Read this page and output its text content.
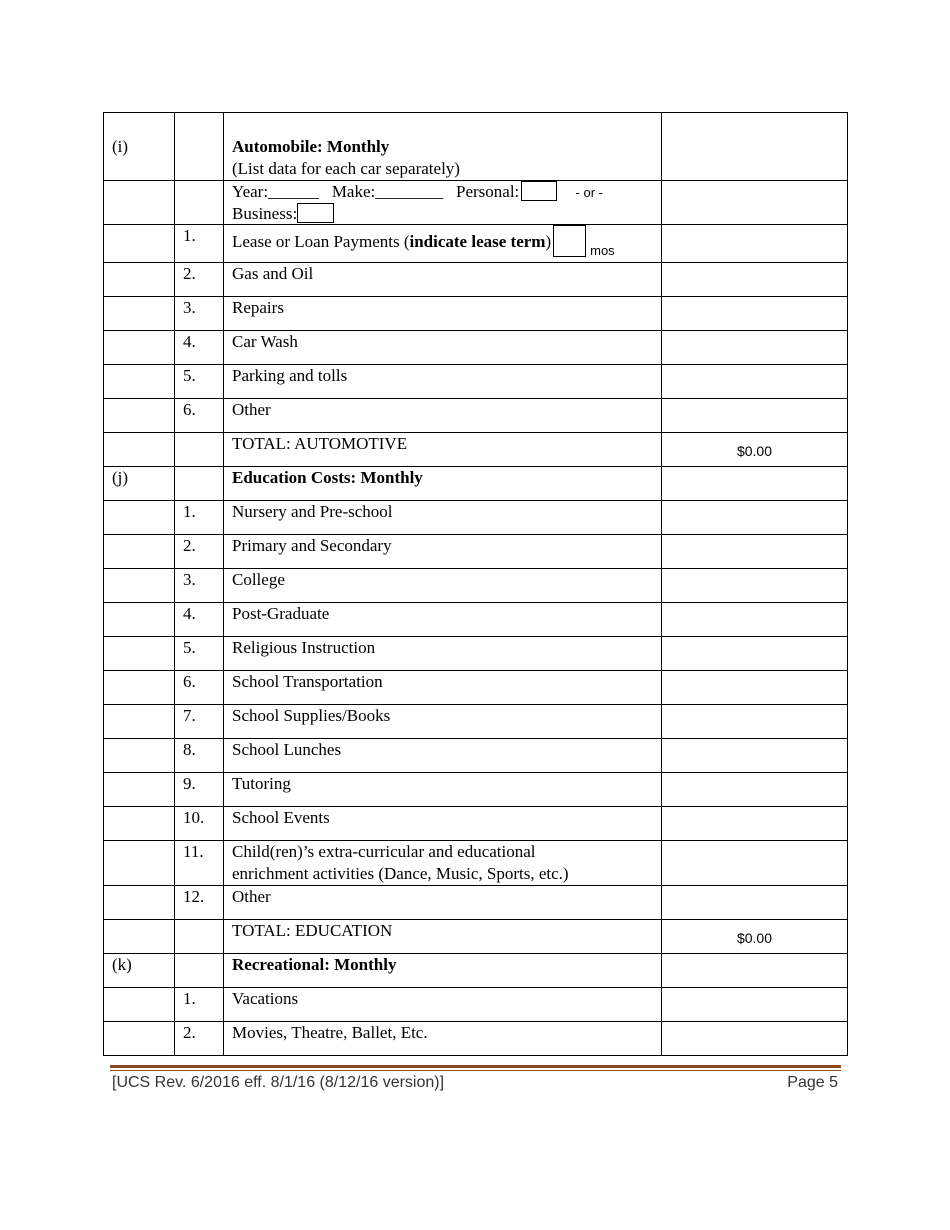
(i)		Automobile: Monthly
(List data for each car separately)	

		Year:______ Make:________ Personal: - or -
Business:	

	1.	Lease or Loan Payments (indicate lease term) $_{mos}$	
	2.	Gas and Oil	
	3.	Repairs	
	4.	Car Wash	
	5.	Parking and tolls	
	6.	Other	
		TOTAL: AUTOMOTIVE	$0.00

(j)		Education Costs: Monthly	
	1.	Nursery and Pre-school	
	2.	Primary and Secondary	
	3.	College	
	4.	Post-Graduate	
	5.	Religious Instruction	
	6.	School Transportation	
	7.	School Supplies/Books	
	8.	School Lunches	
	9.	Tutoring	
	10.	School Events	
	11.	Child(ren)’s extra-curricular and educational
enrichment activities (Dance, Music, Sports, etc.)	

	12.	Other	
		TOTAL: EDUCATION	$0.00

(k)		Recreational: Monthly	
	1.	Vacations	
	2.	Movies, Theatre, Ballet, Etc.	
[UCS Rev. 6/2016 eff. 8/1/16 (8/12/16 version)]	Page 5
